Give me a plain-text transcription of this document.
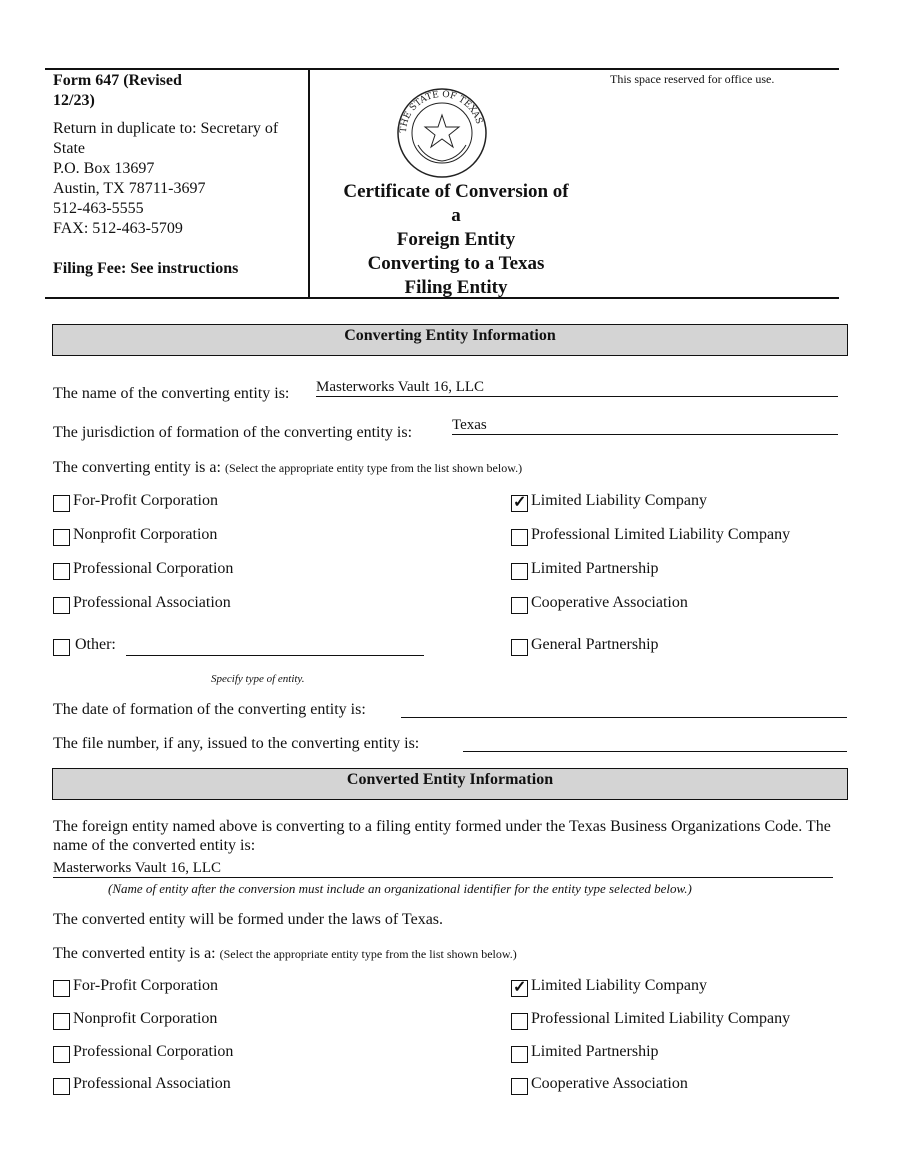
Form 647 (Revised 12/23)
Return in duplicate to: Secretary of State
P.O. Box 13697
Austin, TX 78711-3697
512-463-5555
FAX: 512-463-5709
Filing Fee: See instructions
This space reserved for office use.
THE STATE OF TEXAS
Certificate of Conversion of
a
Foreign Entity
Converting to a Texas
Filing Entity
Converting Entity Information
The name of the converting entity is: Masterworks Vault 16, LLC
The jurisdiction of formation of the converting entity is:	Texas
The converting entity is a: (Select the appropriate entity type from the list shown below.)
For-Profit Corporation
Nonprofit Corporation
Professional Corporation
Professional Association
Other:
Specify type of entity.
✓
Limited Liability Company
Professional Limited Liability Company
Limited Partnership
Cooperative Association
General Partnership
The date of formation of the converting entity is:
The file number, if any, issued to the converting entity is:
Converted Entity Information
The foreign entity named above is converting to a filing entity formed under the Texas Business Organizations Code. The name of the converted entity is:
Masterworks Vault 16, LLC
(Name of entity after the conversion must include an organizational identifier for the entity type selected below.)
The converted entity will be formed under the laws of Texas.
The converted entity is a: (Select the appropriate entity type from the list shown below.)
For-Profit Corporation
Nonprofit Corporation
Professional Corporation
Professional Association
✓
Limited Liability Company
Professional Limited Liability Company
Limited Partnership
Cooperative Association
